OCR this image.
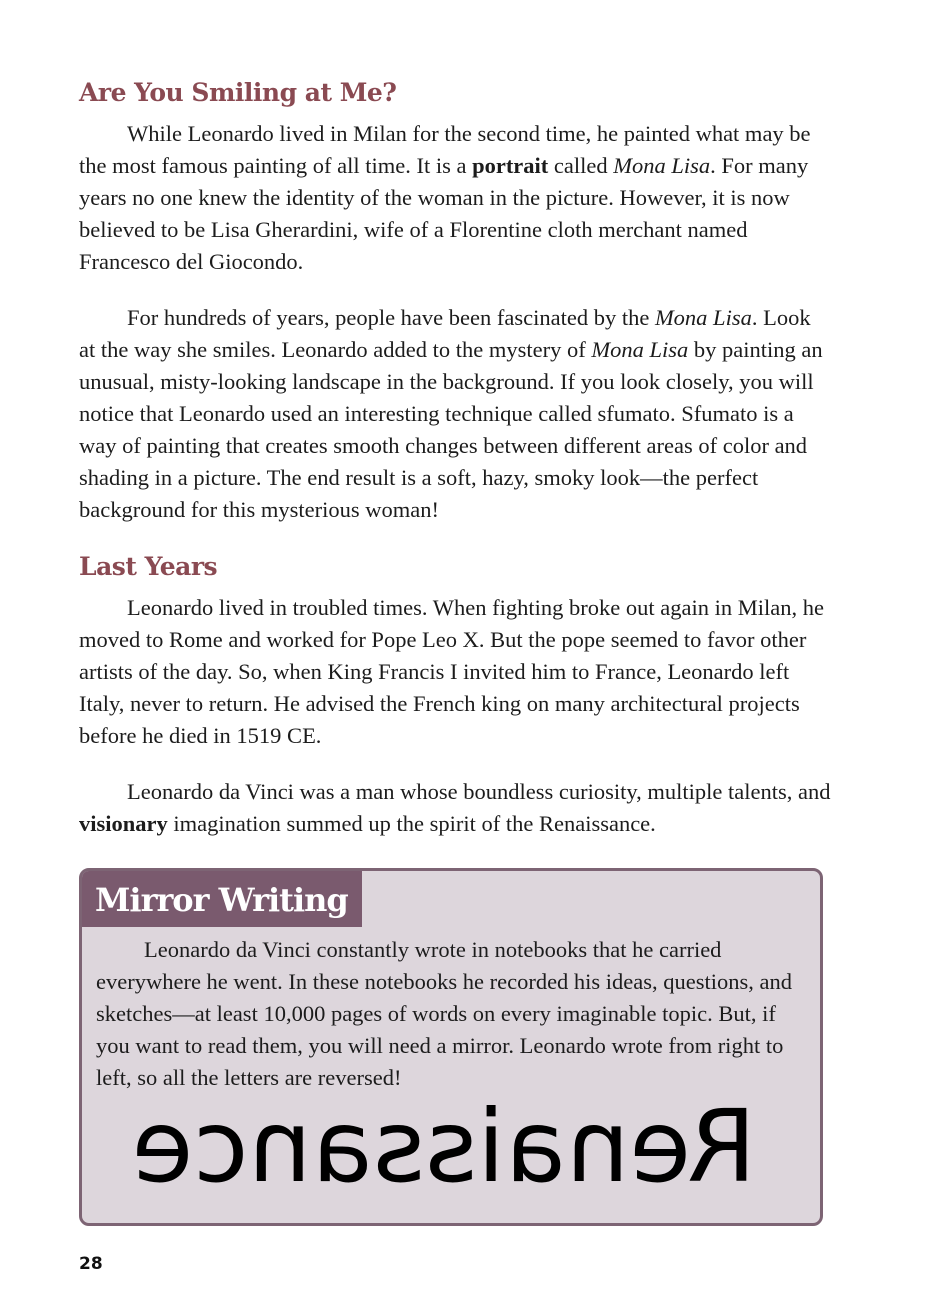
Are You Smiling at Me?

While Leonardo lived in Milan for the second time, he painted what may be the most famous painting of all time. It is a portrait called Mona Lisa. For many years no one knew the identity of the woman in the picture. However, it is now believed to be Lisa Gherardini, wife of a Florentine cloth merchant named Francesco del Giocondo.

For hundreds of years, people have been fascinated by the Mona Lisa. Look at the way she smiles. Leonardo added to the mystery of Mona Lisa by painting an unusual, misty-looking landscape in the background. If you look closely, you will notice that Leonardo used an interesting technique called sfumato. Sfumato is a way of painting that creates smooth changes between different areas of color and shading in a picture. The end result is a soft, hazy, smoky look—the perfect background for this mysterious woman!

Last Years

Leonardo lived in troubled times. When fighting broke out again in Milan, he moved to Rome and worked for Pope Leo X. But the pope seemed to favor other artists of the day. So, when King Francis I invited him to France, Leonardo left Italy, never to return. He advised the French king on many architectural projects before he died in 1519 CE.

Leonardo da Vinci was a man whose boundless curiosity, multiple talents, and visionary imagination summed up the spirit of the Renaissance.

Mirror Writing

Leonardo da Vinci constantly wrote in notebooks that he carried everywhere he went. In these notebooks he recorded his ideas, questions, and sketches—at least 10,000 pages of words on every imaginable topic. But, if you want to read them, you will need a mirror. Leonardo wrote from right to left, so all the letters are reversed!

Renaissance

28
